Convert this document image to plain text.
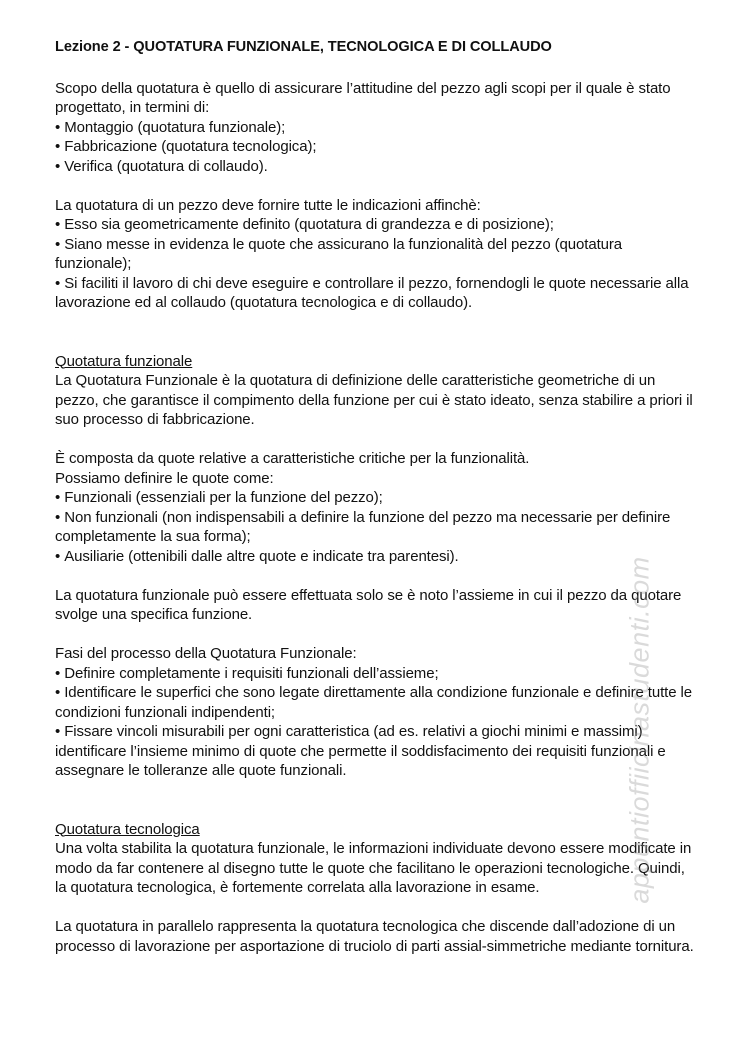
Lezione 2 - QUOTATURA FUNZIONALE, TECNOLOGICA E DI COLLAUDO

Scopo della quotatura è quello di assicurare l’attitudine del pezzo agli scopi per il quale è stato progettato, in termini di:

• Montaggio (quotatura funzionale);

• Fabbricazione (quotatura tecnologica);

• Verifica (quotatura di collaudo).

La quotatura di un pezzo deve fornire tutte le indicazioni affinchè:

• Esso sia geometricamente definito (quotatura di grandezza e di posizione);

• Siano messe in evidenza le quote che assicurano la funzionalità del pezzo (quotatura funzionale);

• Si faciliti il lavoro di chi deve eseguire e controllare il pezzo, fornendogli le quote necessarie alla lavorazione ed al collaudo (quotatura tecnologica e di collaudo).

Quotatura funzionale

La Quotatura Funzionale è la quotatura di definizione delle caratteristiche geometriche di un pezzo, che garantisce il compimento della funzione per cui è stato ideato, senza stabilire a priori il suo processo di fabbricazione.

È composta da quote relative a caratteristiche critiche per la funzionalità.

Possiamo definire le quote come:

• Funzionali (essenziali per la funzione del pezzo);

• Non funzionali (non indispensabili a definire la funzione del pezzo ma necessarie per definire completamente la sua forma);

• Ausiliarie (ottenibili dalle altre quote e indicate tra parentesi).

La quotatura funzionale può essere effettuata solo se è noto l’assieme in cui il pezzo da quotare svolge una specifica funzione.

Fasi del processo della Quotatura Funzionale:

• Definire completamente i requisiti funzionali dell’assieme;

• Identificare le superfici che sono legate direttamente alla condizione funzionale e definire tutte le condizioni funzionali indipendenti;

• Fissare vincoli misurabili per ogni caratteristica (ad es. relativi a giochi minimi e massimi) identificare l’insieme minimo di quote che permette il soddisfacimento dei requisiti funzionali e assegnare le tolleranze alle quote funzionali.

Quotatura tecnologica

Una volta stabilita la quotatura funzionale, le informazioni individuate devono essere modificate in modo da far contenere al disegno tutte le quote che facilitano le operazioni tecnologiche. Quindi, la quotatura tecnologica, è fortemente correlata alla lavorazione in esame.

La quotatura in parallelo rappresenta la quotatura tecnologica che discende dall’adozione di un processo di lavorazione per asportazione di truciolo di parti assial-simmetriche mediante tornitura.

appuntioffiicinastudenti.com
